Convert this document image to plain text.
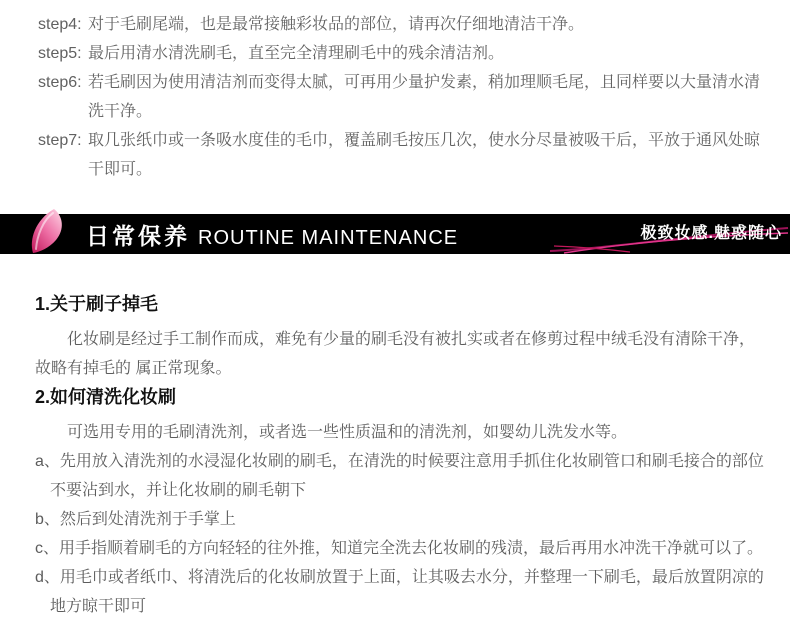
step4: 对于毛刷尾端，也是最常接触彩妆品的部位，请再次仔细地清洁干净。
step5: 最后用清水清洗刷毛，直至完全清理刷毛中的残余清洁剂。
step6: 若毛刷因为使用清洁剂而变得太腻，可再用少量护发素，稍加理顺毛尾，且同样要以大量清水清洗干净。
step7: 取几张纸巾或一条吸水度佳的毛巾，覆盖刷毛按压几次，使水分尽量被吸干后，平放于通风处晾干即可。
日常保养 ROUTINE MAINTENANCE	极致妆感.魅惑随心
1.关于刷子掉毛

化妆刷是经过手工制作而成，难免有少量的刷毛没有被扎实或者在修剪过程中绒毛没有清除干净，故略有掉毛的 属正常现象。

2.如何清洗化妆刷

可选用专用的毛刷清洗剂，或者选一些性质温和的清洗剂，如婴幼儿洗发水等。

a、先用放入清洗剂的水浸湿化妆刷的刷毛，在清洗的时候要注意用手抓住化妆刷管口和刷毛接合的部位不要沾到水，并让化妆刷的刷毛朝下
b、然后到处清洗剂于手掌上
c、用手指顺着刷毛的方向轻轻的往外推，知道完全洗去化妆刷的残渍，最后再用水冲洗干净就可以了。
d、用毛巾或者纸巾、将清洗后的化妆刷放置于上面，让其吸去水分，并整理一下刷毛，最后放置阴凉的地方晾干即可
